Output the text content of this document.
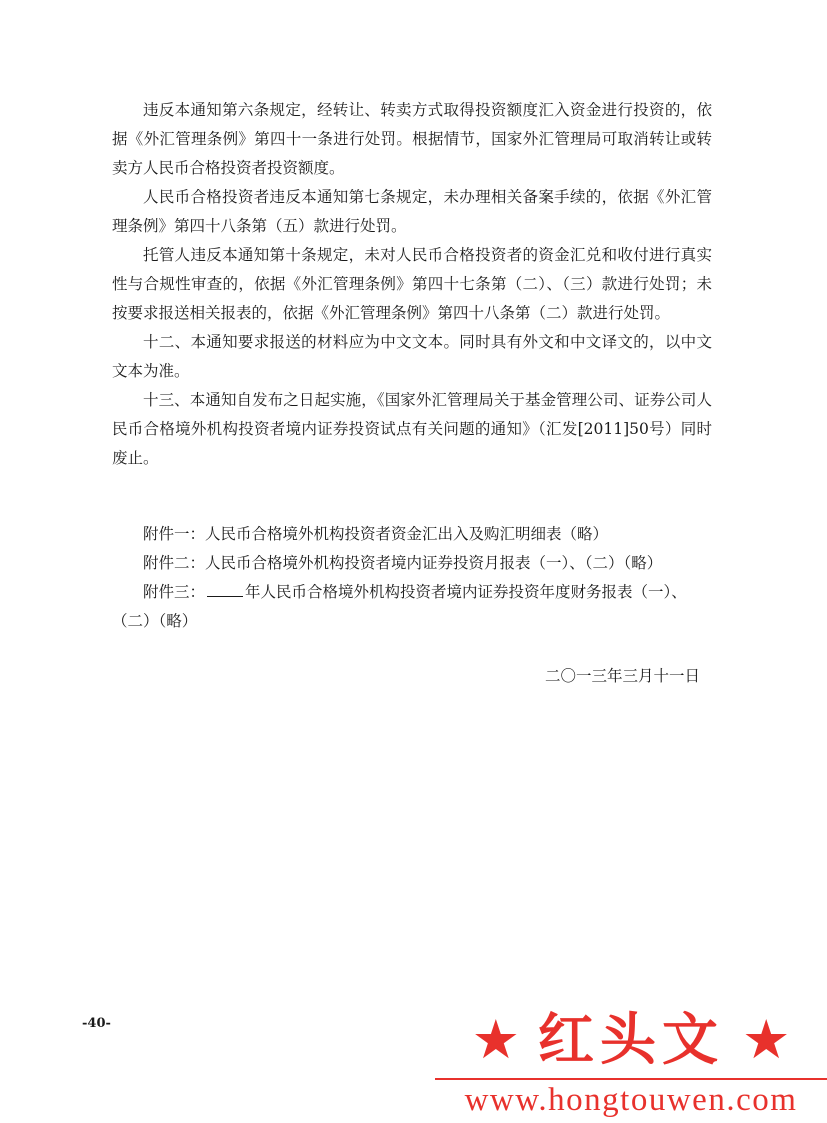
违反本通知第六条规定，经转让、转卖方式取得投资额度汇入资金进行投资的，依据《外汇管理条例》第四十一条进行处罚。根据情节，国家外汇管理局可取消转让或转卖方人民币合格投资者投资额度。

人民币合格投资者违反本通知第七条规定，未办理相关备案手续的，依据《外汇管理条例》第四十八条第（五）款进行处罚。

托管人违反本通知第十条规定，未对人民币合格投资者的资金汇兑和收付进行真实性与合规性审查的，依据《外汇管理条例》第四十七条第（二）、（三）款进行处罚；未按要求报送相关报表的，依据《外汇管理条例》第四十八条第（二）款进行处罚。

十二、本通知要求报送的材料应为中文文本。同时具有外文和中文译文的，以中文文本为准。

十三、本通知自发布之日起实施，《国家外汇管理局关于基金管理公司、证券公司人民币合格境外机构投资者境内证券投资试点有关问题的通知》（汇发[2011]50号）同时废止。

附件一：人民币合格境外机构投资者资金汇出入及购汇明细表（略）

附件二：人民币合格境外机构投资者境内证券投资月报表（一）、（二）（略）

附件三：	年人民币合格境外机构投资者境内证券投资年度财务报表（一）、（二）（略）

二〇一三年三月十一日
-40-	★ 红头文 ★
www.hongtouwen.com
